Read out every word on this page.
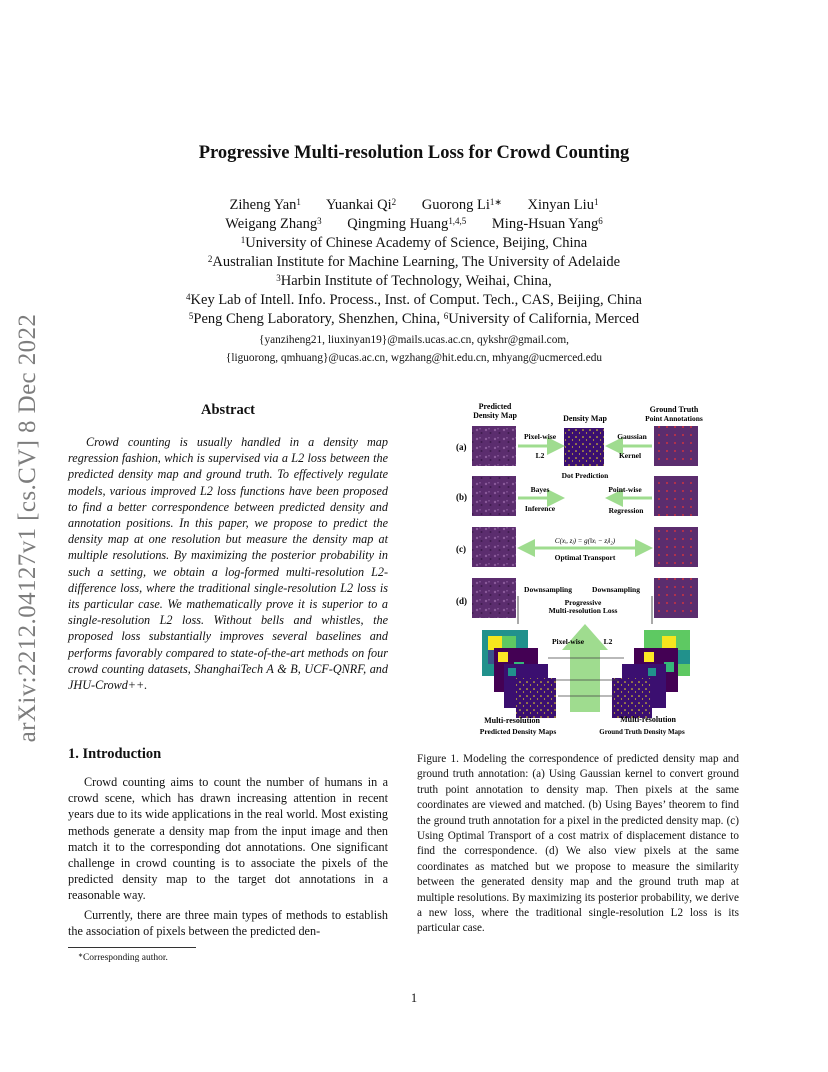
arXiv:2212.04127v1 [cs.CV] 8 Dec 2022
Progressive Multi-resolution Loss for Crowd Counting
Ziheng Yan$^1$ Yuankai Qi$^2$ Guorong $Li^{1∗}$ Xinyan Liu$^1$
Weigang Zhang$^3$ Qingming Huang$^{1,4,5}$ Ming-Hsuan Yang$^6$
$^1$University of Chinese Academy of Science, Beijing, China
$^2$Australian Institute for Machine Learning, The University of Adelaide
$^3$Harbin Institute of Technology, Weihai, China,
$^4$Key Lab of Intell. Info. Process., Inst. of Comput. Tech., CAS, Beijing, China
$^5$Peng Cheng Laboratory, Shenzhen, China, $^6$University of California, Merced
{yanziheng21, liuxinyan19}@mails.ucas.ac.cn, qykshr@gmail.com,
{liguorong, qmhuang}@ucas.ac.cn, wgzhang@hit.edu.cn, mhyang@ucmerced.edu
Abstract
Crowd counting is usually handled in a density map regression fashion, which is supervised via a L2 loss between the predicted density map and ground truth. To effectively regulate models, various improved L2 loss functions have been proposed to find a better correspondence between predicted density and annotation positions. In this paper, we propose to predict the density map at one resolution but measure the density map at multiple resolutions. By maximizing the posterior probability in such a setting, we obtain a log-formed multi-resolution L2-difference loss, where the traditional single-resolution L2 loss is its particular case. We mathematically prove it is superior to a single-resolution L2 loss. Without bells and whistles, the proposed loss substantially improves several baselines and performs favorably compared to state-of-the-art methods on four crowd counting datasets, ShanghaiTech A & B, UCF-QNRF, and JHU-Crowd++.
1. Introduction

Crowd counting aims to count the number of humans in a crowd scene, which has drawn increasing attention in recent years due to its wide applications in the real world. Most existing methods generate a density map from the input image and then match it to the corresponding dot annotations. One significant challenge in crowd counting is to associate the pixels of the predicted density map to the target dot annotations in a reasonable way.

Currently, there are three main types of methods to establish the association of pixels between the predicted den-

∗Corresponding author.
1
Predicted
Density Map	Density Map
Ground Truth
Point Annotations
(a)
(b)
(c)
(d)
Pixel-wise
L2
Gaussian
Kernel
Dot Prediction
Bayes
Inference
Point-wise
Regression
C(xᵢ, zⱼ) = g(‖xᵢ − zⱼ‖₂)
Optimal Transport
Downsampling	Downsampling
Progressive
Multi-resolution Loss
Pixel-wise	L2
Multi-resolution
Predicted Density Maps
Multi-resolution
Ground Truth Density Maps
Figure 1. Modeling the correspondence of predicted density map and ground truth annotation: (a) Using Gaussian kernel to convert ground truth point annotation to density map. Then pixels at the same coordinates are viewed and matched. (b) Using Bayes’ theorem to find the ground truth annotation for a pixel in the predicted density map. (c) Using Optimal Transport of a cost matrix of displacement distance to find the correspondence. (d) We also view pixels at the same coordinates as matched but we propose to measure the similarity between the generated density map and the ground truth map at multiple resolutions. By maximizing its posterior probability, we derive a new loss, where the traditional single-resolution L2 loss is its particular case.
